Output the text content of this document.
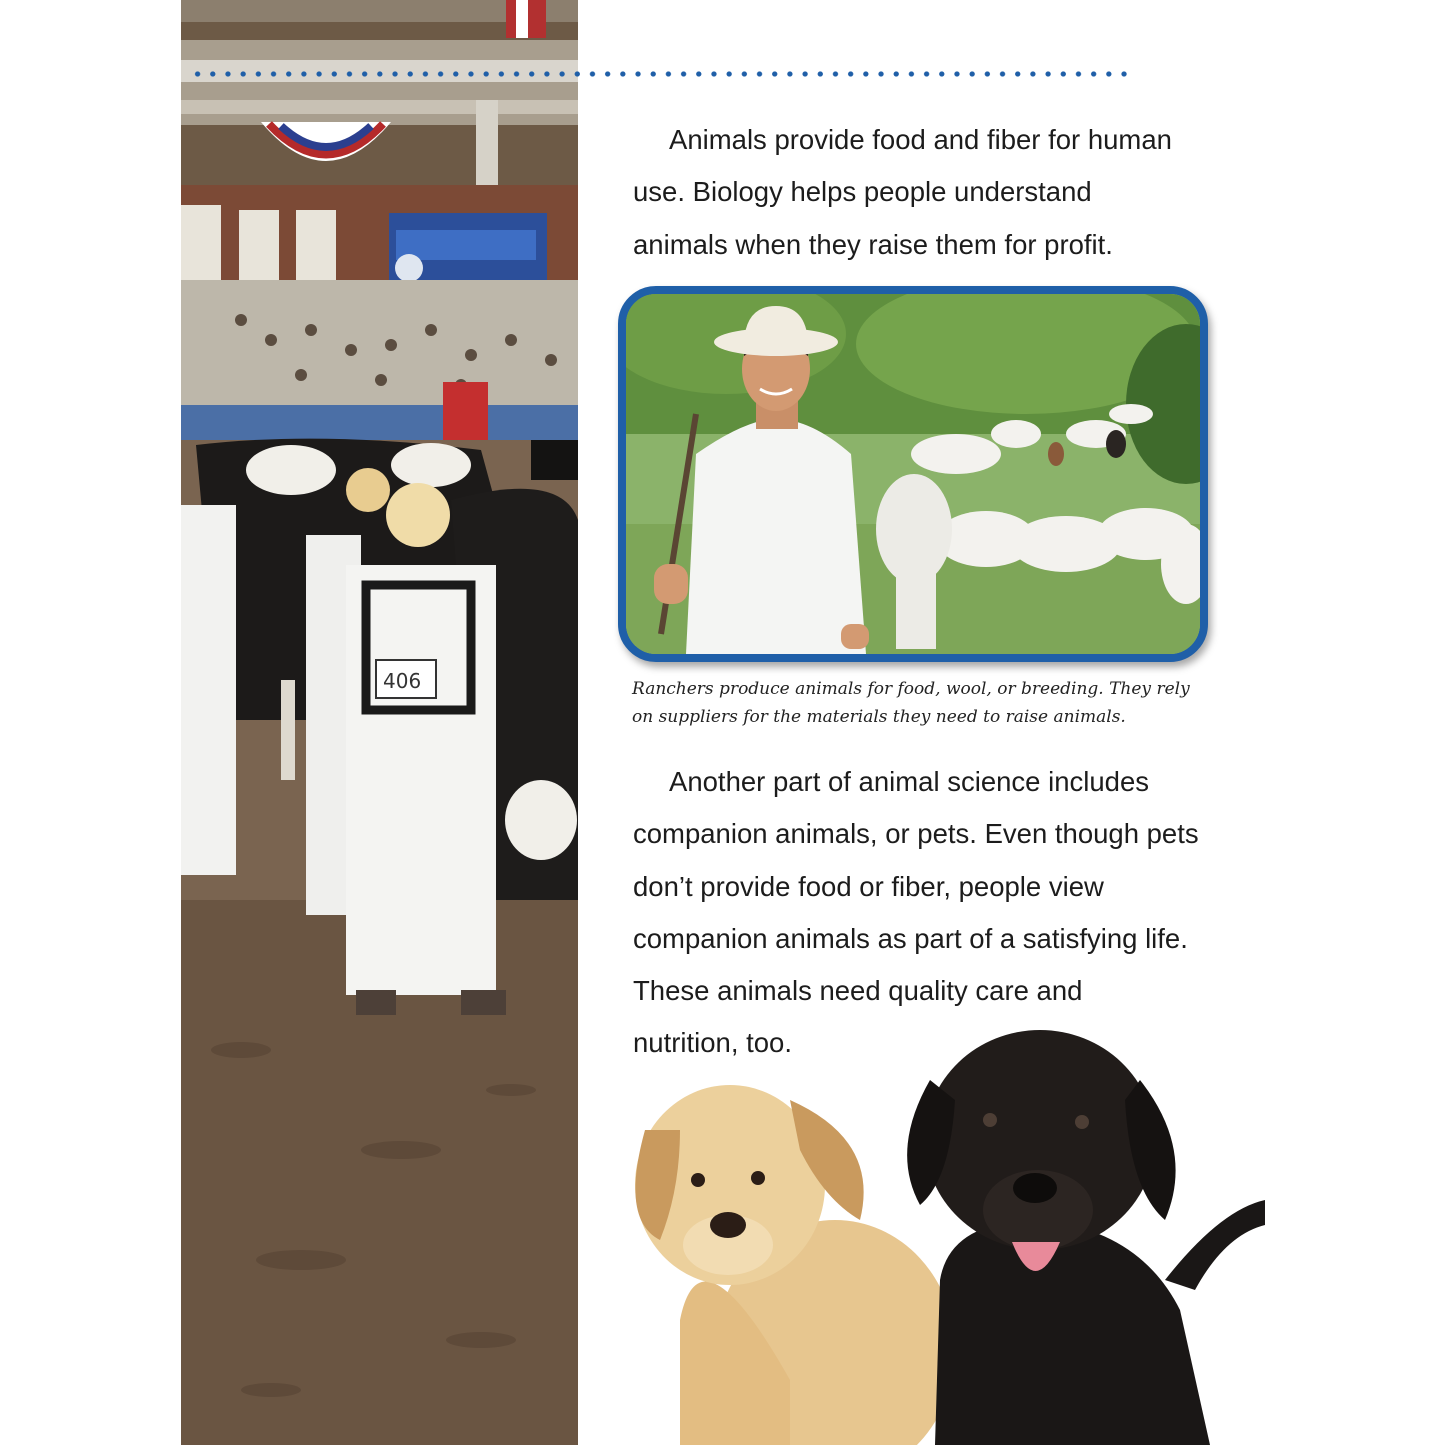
406

Animals provide food and fiber for human
use. Biology helps people understand
animals when they raise them for profit.

Ranchers produce animals for food, wool, or breeding. They rely on suppliers for the materials they need to raise animals.

Another part of animal science includes
companion animals, or pets. Even though pets
don’t provide food or fiber, people view
companion animals as part of a satisfying life.
These animals need quality care and
nutrition, too.

5
